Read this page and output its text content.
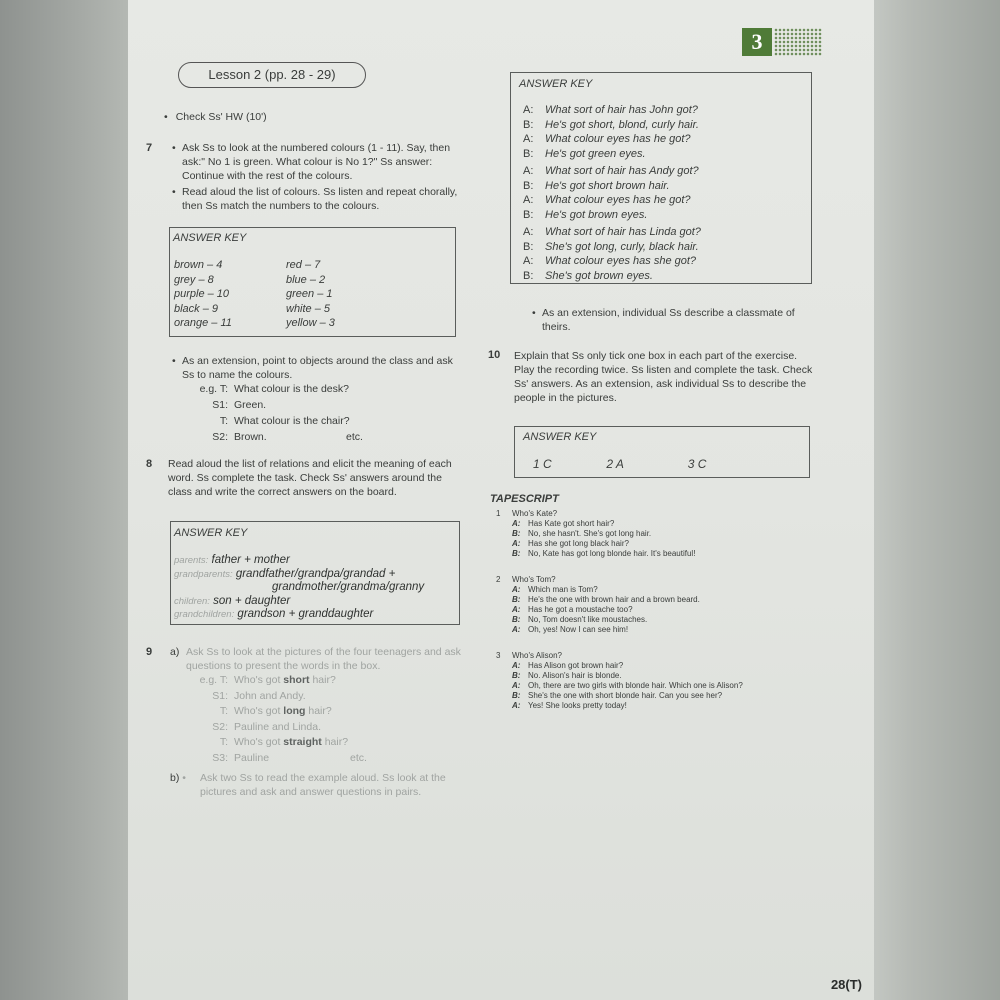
3
Lesson 2 (pp. 28 - 29)
• Check Ss' HW (10')
7
•	Ask Ss to look at the numbered colours (1 - 11). Say, then ask:" No 1 is green. What colour is No 1?" Ss answer: Continue with the rest of the colours.
• Read aloud the list of colours. Ss listen and repeat chorally, then Ss match the numbers to the colours.
ANSWER KEY
brown – 4
grey – 8
purple – 10
black – 9
orange – 11
red – 7
blue – 2
green – 1
white – 5
yellow – 3
• As an extension, point to objects around the class and ask Ss to name the colours.
e.g. T: What colour is the desk?
S1: Green.
T: What colour is the chair?
S2: Brown.	etc.
8 Read aloud the list of relations and elicit the meaning of each word. Ss complete the task. Check Ss' answers around the class and write the correct answers on the board.
ANSWER KEY
parents: father + mother
grandparents: grandfather/grandpa/grandad +
grandmother/grandma/granny
children: son + daughter
grandchildren: grandson + granddaughter
9 a) Ask Ss to look at the pictures of the four teenagers and ask questions to present the words in the box.
e.g. T: Who's got short hair?
S1: John and Andy.
T: Who's got long hair?
S2: Pauline and Linda.
T: Who's got straight hair?
S3: Pauline	etc.
b) • Ask two Ss to read the example aloud. Ss look at the pictures and ask and answer questions in pairs.
ANSWER KEY
A: What sort of hair has John got?
B: He's got short, blond, curly hair.
A: What colour eyes has he got?
B: He's got green eyes.
A: What sort of hair has Andy got?
B: He's got short brown hair.
A: What colour eyes has he got?
B: He's got brown eyes.
A: What sort of hair has Linda got?
B: She's got long, curly, black hair.
A: What colour eyes has she got?
B: She's got brown eyes.
• As an extension, individual Ss describe a classmate of theirs.
10 Explain that Ss only tick one box in each part of the exercise. Play the recording twice. Ss listen and complete the task. Check Ss' answers. As an extension, ask individual Ss to describe the people in the pictures.
ANSWER KEY
1 C	2 A	3 C
TAPESCRIPT
1 Who's Kate?
A: Has Kate got short hair?
B: No, she hasn't. She's got long hair.
A: Has she got long black hair?
B: No, Kate has got long blonde hair. It's beautiful!
2 Who's Tom?
A: Which man is Tom?
B: He's the one with brown hair and a brown beard.
A: Has he got a moustache too?
B: No, Tom doesn't like moustaches.
A: Oh, yes! Now I can see him!
3 Who's Alison?
A: Has Alison got brown hair?
B: No. Alison's hair is blonde.
A: Oh, there are two girls with blonde hair. Which one is Alison?
B: She's the one with short blonde hair. Can you see her?
A: Yes! She looks pretty today!
28(T)
